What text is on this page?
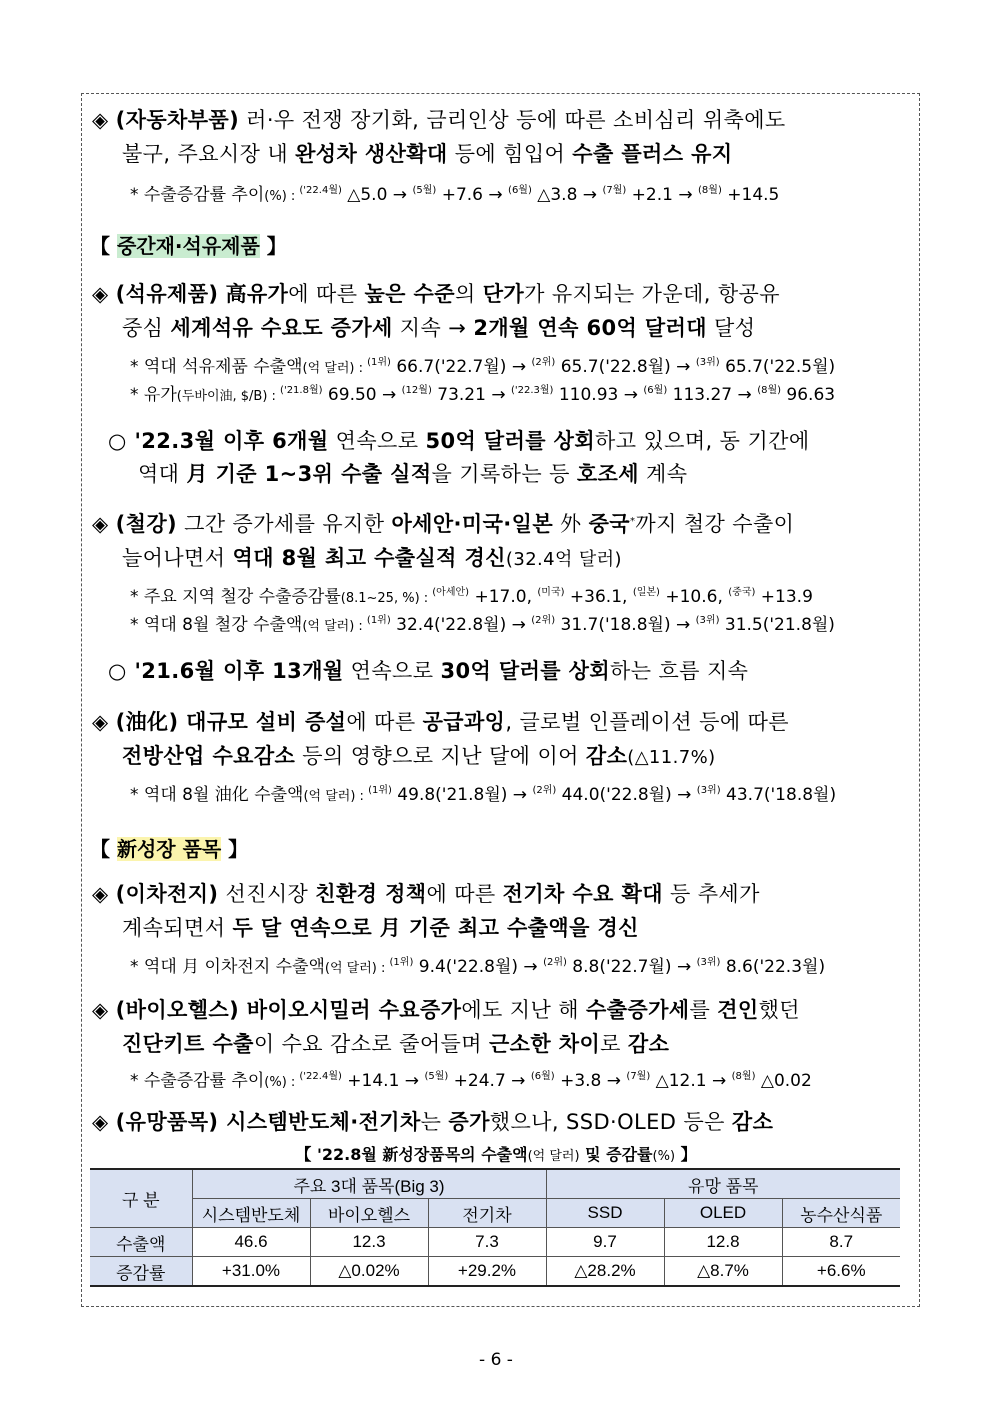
◈ (자동차부품) 러·우 전쟁 장기화, 금리인상 등에 따른 소비심리 위축에도
불구, 주요시장 내 완성차 생산확대 등에 힘입어 수출 플러스 유지
* 수출증감률 추이(%) : $^{('22.4월)}$ △5.0 → $^{(5월)}$ +7.6 → $^{(6월)}$ △3.8 → $^{(7월)}$ +2.1 → $^{(8월)}$ +14.5
【 중간재·석유제품 】
◈ (석유제품) 高유가에 따른 높은 수준의 단가가 유지되는 가운데, 항공유
중심 세계석유 수요도 증가세 지속 → 2개월 연속 60억 달러대 달성
* 역대 석유제품 수출액(억 달러) : $^{(1위)}$ 66.7('22.7월) → $^{(2위)}$ 65.7('22.8월) → $^{(3위)}$ 65.7('22.5월)
* 유가(두바이油, $/B) : $^{('21.8월)}$ 69.50 → $^{(12월)}$ 73.21 → $^{('22.3월)}$ 110.93 → $^{(6월)}$ 113.27 → $^{(8월)}$ 96.63
○ '22.3월 이후 6개월 연속으로 50억 달러를 상회하고 있으며, 동 기간에
역대 月 기준 1~3위 수출 실적을 기록하는 등 호조세 계속
◈ (철강) 그간 증가세를 유지한 아세안·미국·일본 外 중국*까지 철강 수출이
늘어나면서 역대 8월 최고 수출실적 경신(32.4억 달러)
* 주요 지역 철강 수출증감률(8.1~25, %) : $^{(아세안)}$ +17.0, $^{(미국)}$ +36.1, $^{(일본)}$ +10.6, $^{(중국)}$ +13.9
* 역대 8월 철강 수출액(억 달러) : $^{(1위)}$ 32.4('22.8월) → $^{(2위)}$ 31.7('18.8월) → $^{(3위)}$ 31.5('21.8월)
○ '21.6월 이후 13개월 연속으로 30억 달러를 상회하는 흐름 지속
◈ (油化) 대규모 설비 증설에 따른 공급과잉, 글로벌 인플레이션 등에 따른
전방산업 수요감소 등의 영향으로 지난 달에 이어 감소(△11.7%)
* 역대 8월 油化 수출액(억 달러) : $^{(1위)}$ 49.8('21.8월) → $^{(2위)}$ 44.0('22.8월) → $^{(3위)}$ 43.7('18.8월)
【 新성장 품목 】
◈ (이차전지) 선진시장 친환경 정책에 따른 전기차 수요 확대 등 추세가
계속되면서 두 달 연속으로 月 기준 최고 수출액을 경신
* 역대 月 이차전지 수출액(억 달러) : $^{(1위)}$ 9.4('22.8월) → $^{(2위)}$ 8.8('22.7월) → $^{(3위)}$ 8.6('22.3월)
◈ (바이오헬스) 바이오시밀러 수요증가에도 지난 해 수출증가세를 견인했던
진단키트 수출이 수요 감소로 줄어들며 근소한 차이로 감소
* 수출증감률 추이(%) : $^{('22.4월)}$ +14.1 → $^{(5월)}$ +24.7 → $^{(6월)}$ +3.8 → $^{(7월)}$ △12.1 → $^{(8월)}$ △0.02
◈ (유망품목) 시스템반도체·전기차는 증가했으나, SSD·OLED 등은 감소
【 '22.8월 新성장품목의 수출액(억 달러) 및 증감률(%) 】
구 분	주요 3대 품목(Big 3)			유망 품목		
	시스템반도체	바이오헬스	전기차	SSD	OLED	농수산식품
수출액	46.6	12.3	7.3	9.7	12.8	8.7
증감률	+31.0%	△0.02%	+29.2%	△28.2%	△8.7%	+6.6%
- 6 -
